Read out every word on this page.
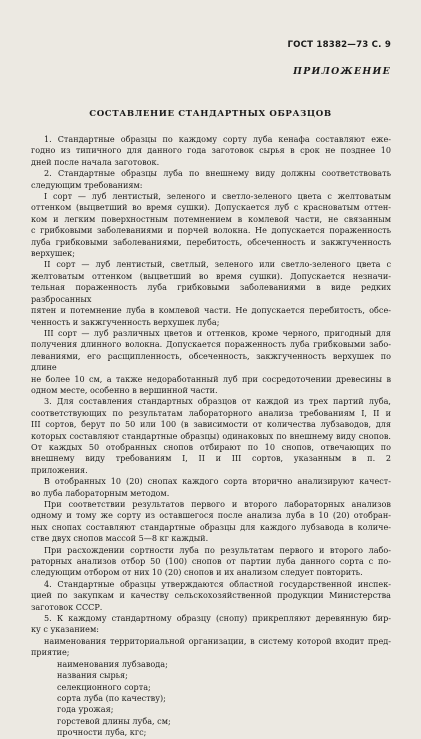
ГОСТ 18382—73 С. 9
ПРИЛОЖЕНИЕ
СОСТАВЛЕНИЕ СТАНДАРТНЫХ ОБРАЗЦОВ
1. Стандартные образцы по каждому сорту луба кенафа составляют еже-
годно из типичного для данного года заготовок сырья в срок не позднее 10
дней после начала заготовок.
2. Стандартные образцы луба по внешнему виду должны соответствовать
следующим требованиям:
I сорт — луб лентистый, зеленого и светло-зеленого цвета с желтоватым
оттенком (выцветший во время сушки). Допускается луб с красноватым оттен-
ком и легким поверхностным потемнением в комлевой части, не связанным
с грибковыми заболеваниями и порчей волокна. Не допускается пораженность
луба грибковыми заболеваниями, перебитость, обсеченность и закжгученность
верхушек;
II сорт — луб лентистый, светлый, зеленого или светло-зеленого цвета с
желтоватым оттенком (выцветший во время сушки). Допускается незначи-
тельная пораженность луба грибковыми заболеваниями в виде редких разбросанных
пятен и потемнение луба в комлевой части. Не допускается перебитость, обсе-
ченность и закжгученность верхушек луба;
III сорт — луб различных цветов и оттенков, кроме черного, пригодный для
получения длинного волокна. Допускается пораженность луба грибковыми забо-
леваниями, его расщипленность, обсеченность, закжгученность верхушек по длине
не более 10 см, а также недоработанный луб при сосредоточении древесины в
одном месте, особенно в вершинной части.
3. Для составления стандартных образцов от каждой из трех партий луба,
соответствующих по результатам лабораторного анализа требованиям I, II и
III сортов, берут по 50 или 100 (в зависимости от количества лубзаводов, для
которых составляют стандартные образцы) одинаковых по внешнему виду снопов.
От каждых 50 отобранных снопов отбирают по 10 снопов, отвечающих по
внешнему виду требованиям I, II и III сортов, указанным в п. 2
приложения.
В отобранных 10 (20) снопах каждого сорта вторично анализируют качест-
во луба лабораторным методом.
При соответствии результатов первого и второго лабораторных анализов
одному и тому же сорту из оставшегося после анализа луба в 10 (20) отобран-
ных снопах составляют стандартные образцы для каждого лубзавода в количе-
стве двух снопов массой 5—8 кг каждый.
При расхождении сортности луба по результатам первого и второго лабо-
раторных анализов отбор 50 (100) снопов от партии луба данного сорта с по-
следующим отбором от них 10 (20) снопов и их анализом следует повторить.
4. Стандартные образцы утверждаются областной государственной инспек-
цией по закупкам и качеству сельскохозяйственной продукции Министерства
заготовок СССР.
5. К каждому стандартному образцу (снопу) прикрепляют деревянную бир-
ку с указанием:
наименования территориальной организации, в систему которой входит пред-
приятие;
наименования лубзавода;
названия сырья;
селекционного сорта;
сорта луба (по качеству);
года урожая;
горстевой длины луба, см;
прочности луба, кгс;
